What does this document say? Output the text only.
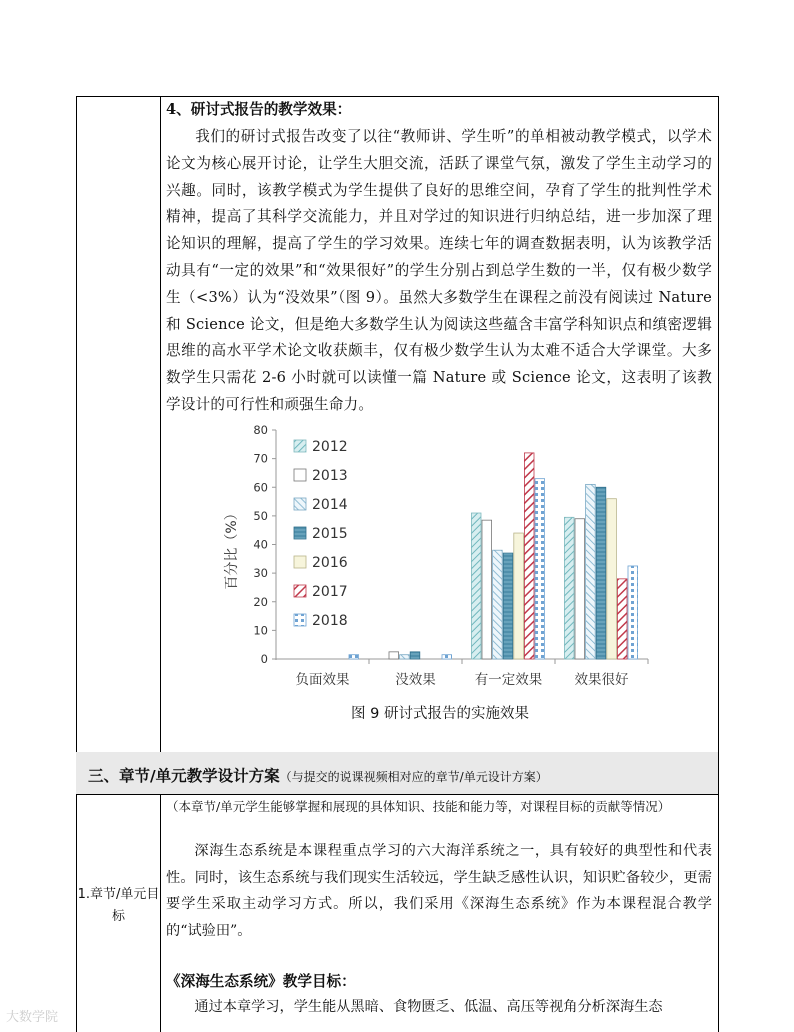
4、研讨式报告的教学效果：

我们的研讨式报告改变了以往“教师讲、学生听”的单相被动教学模式，以学术论文为核心展开讨论，让学生大胆交流，活跃了课堂气氛，激发了学生主动学习的兴趣。同时，该教学模式为学生提供了良好的思维空间，孕育了学生的批判性学术精神，提高了其科学交流能力，并且对学过的知识进行归纳总结，进一步加深了理论知识的理解，提高了学生的学习效果。连续七年的调查数据表明，认为该教学活动具有“一定的效果”和“效果很好”的学生分别占到总学生数的一半，仅有极少数学生（<3%）认为“没效果”（图 9）。虽然大多数学生在课程之前没有阅读过 Nature 和 Science 论文，但是绝大多数学生认为阅读这些蕴含丰富学科知识点和缜密逻辑思维的高水平学术论文收获颇丰，仅有极少数学生认为太难不适合大学课堂。大多数学生只需花 2-6 小时就可以读懂一篇 Nature 或 Science 论文，这表明了该教学设计的可行性和顽强生命力。

0
10
20
30
40
50
60
70
80
负面效果	没效果	有一定效果 效果很好
2012
2013
2014
2015
2016
2017
2018
百分比（%）
图 9 研讨式报告的实施效果
三、章节/单元教学设计方案（与提交的说课视频相对应的章节/单元设计方案）
1.章节/单元目标
（本章节/单元学生能够掌握和展现的具体知识、技能和能力等，对课程目标的贡献等情况）

深海生态系统是本课程重点学习的六大海洋系统之一，具有较好的典型性和代表性。同时，该生态系统与我们现实生活较远，学生缺乏感性认识，知识贮备较少，更需要学生采取主动学习方式。所以，我们采用《深海生态系统》作为本课程混合教学的“试验田”。

《深海生态系统》教学目标：
通过本章学习，学生能从黑暗、食物匮乏、低温、高压等视角分析深海生态
大数学院
